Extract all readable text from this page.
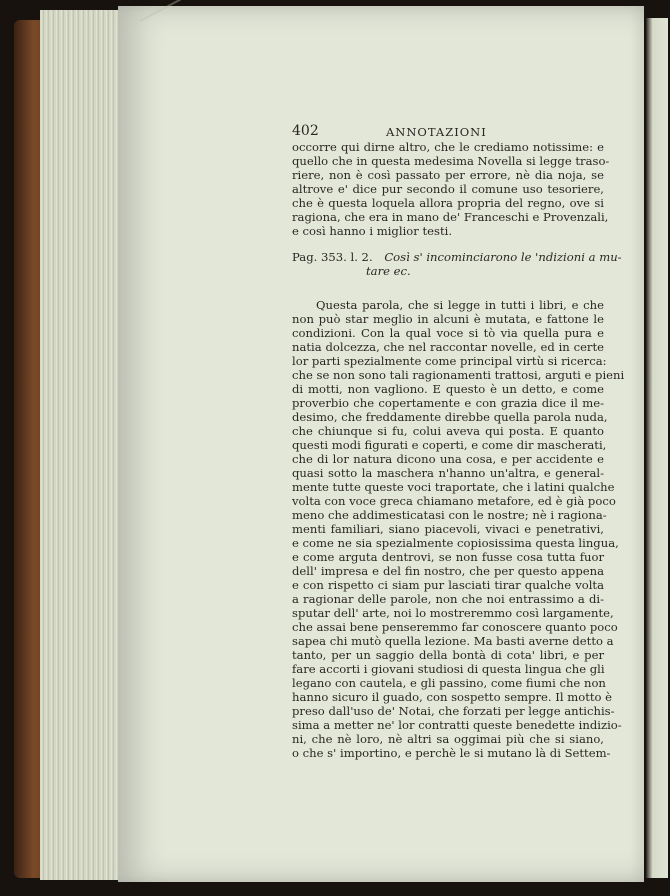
402	ANNOTAZIONI
occorre qui dirne altro, che le crediamo notissime: e
quello che in questa medesima Novella si legge traso-
riere, non è così passato per errore, nè dia noja, se
altrove e' dice pur secondo il comune uso tesoriere,
che è questa loquela allora propria del regno, ove si
ragiona, che era in mano de' Franceschi e Provenzali,
e così hanno i miglior testi.
Pag. 353. l. 2. Così s' incominciarono le 'ndizioni a mu-
tare ec.
Questa parola, che si legge in tutti i libri, e che
non può star meglio in alcuni è mutata, e fattone le
condizioni. Con la qual voce si tò via quella pura e
natia dolcezza, che nel raccontar novelle, ed in certe
lor parti spezialmente come principal virtù si ricerca:
che se non sono tali ragionamenti trattosi, arguti e pieni
di motti, non vagliono. E questo è un detto, e come
proverbio che copertamente e con grazia dice il me-
desimo, che freddamente direbbe quella parola nuda,
che chiunque si fu, colui aveva qui posta. E quanto
questi modi figurati e coperti, e come dir mascherati,
che di lor natura dicono una cosa, e per accidente e
quasi sotto la maschera n'hanno un'altra, e general-
mente tutte queste voci traportate, che i latini qualche
volta con voce greca chiamano metafore, ed è già poco
meno che addimesticatasi con le nostre; nè i ragiona-
menti familiari, siano piacevoli, vivaci e penetrativi,
e come ne sia spezialmente copiosissima questa lingua,
e come arguta dentrovi, se non fusse cosa tutta fuor
dell' impresa e del fin nostro, che per questo appena
e con rispetto ci siam pur lasciati tirar qualche volta
a ragionar delle parole, non che noi entrassimo a di-
sputar dell' arte, noi lo mostreremmo così largamente,
che assai bene penseremmo far conoscere quanto poco
sapea chi mutò quella lezione. Ma basti averne detto a
tanto, per un saggio della bontà di cota' libri, e per
fare accorti i giovani studiosi di questa lingua che gli
legano con cautela, e gli passino, come fiumi che non
hanno sicuro il guado, con sospetto sempre. Il motto è
preso dall'uso de' Notai, che forzati per legge antichis-
sima a metter ne' lor contratti queste benedette indizio-
ni, che nè loro, nè altri sa oggimai più che si siano,
o che s' importino, e perchè le si mutano là di Settem-
